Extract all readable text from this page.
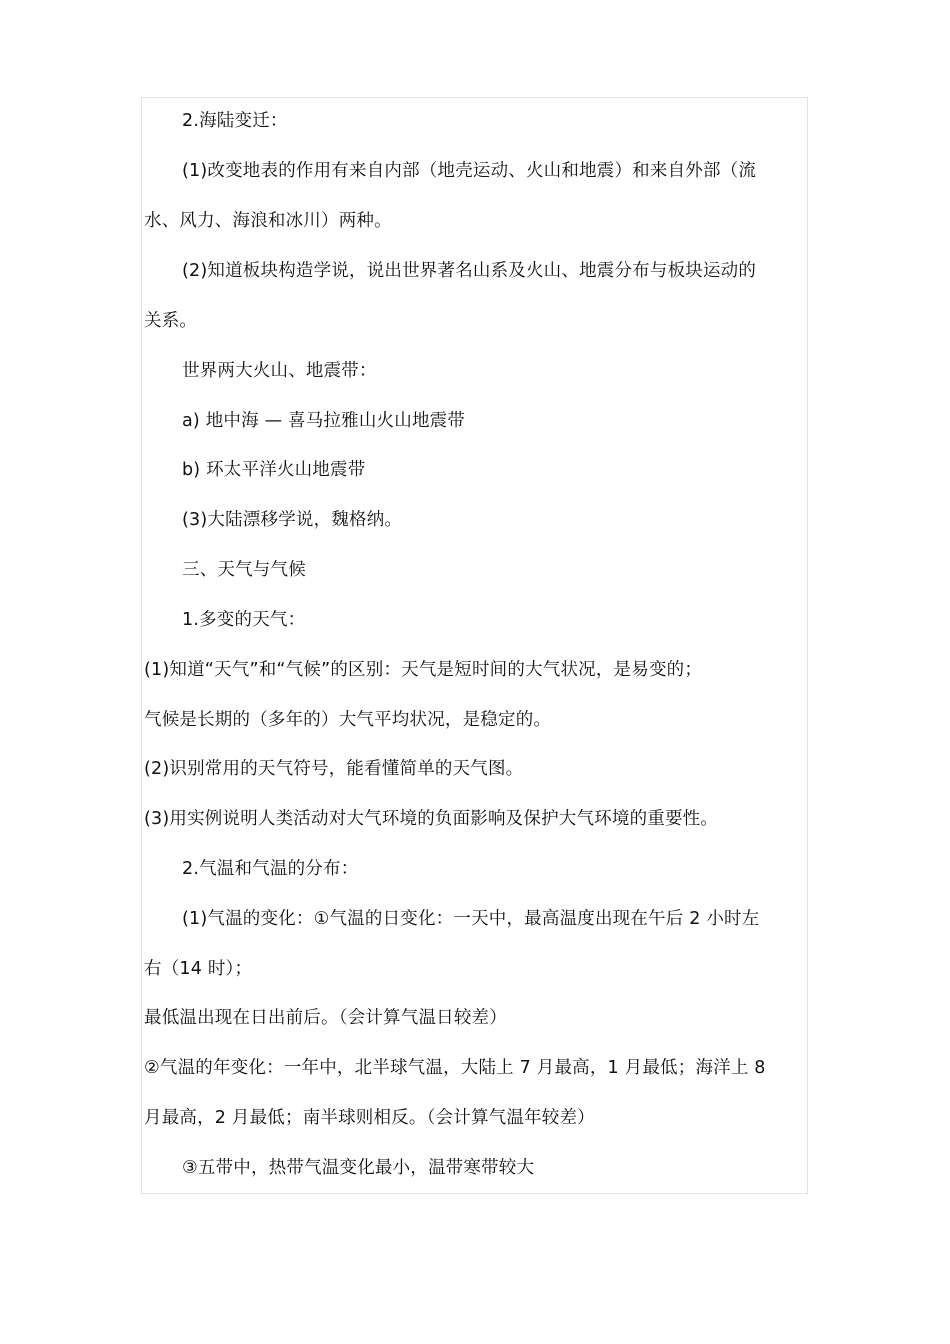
2.海陆变迁：
(1)改变地表的作用有来自内部（地壳运动、火山和地震）和来自外部（流
水、风力、海浪和冰川）两种。
(2)知道板块构造学说，说出世界著名山系及火山、地震分布与板块运动的
关系。
世界两大火山、地震带：
a) 地中海 — 喜马拉雅山火山地震带
b) 环太平洋火山地震带
(3)大陆漂移学说，魏格纳。
三、天气与气候
1.多变的天气：
(1)知道“天气”和“气候”的区别：天气是短时间的大气状况，是易变的；
气候是长期的（多年的）大气平均状况，是稳定的。
(2)识别常用的天气符号，能看懂简单的天气图。
(3)用实例说明人类活动对大气环境的负面影响及保护大气环境的重要性。
2.气温和气温的分布：
(1)气温的变化：①气温的日变化：一天中，最高温度出现在午后 2 小时左
右（14 时）；
最低温出现在日出前后。（会计算气温日较差）
②气温的年变化：一年中，北半球气温，大陆上 7 月最高，1 月最低；海洋上 8
月最高，2 月最低；南半球则相反。（会计算气温年较差）
③五带中，热带气温变化最小，温带寒带较大
